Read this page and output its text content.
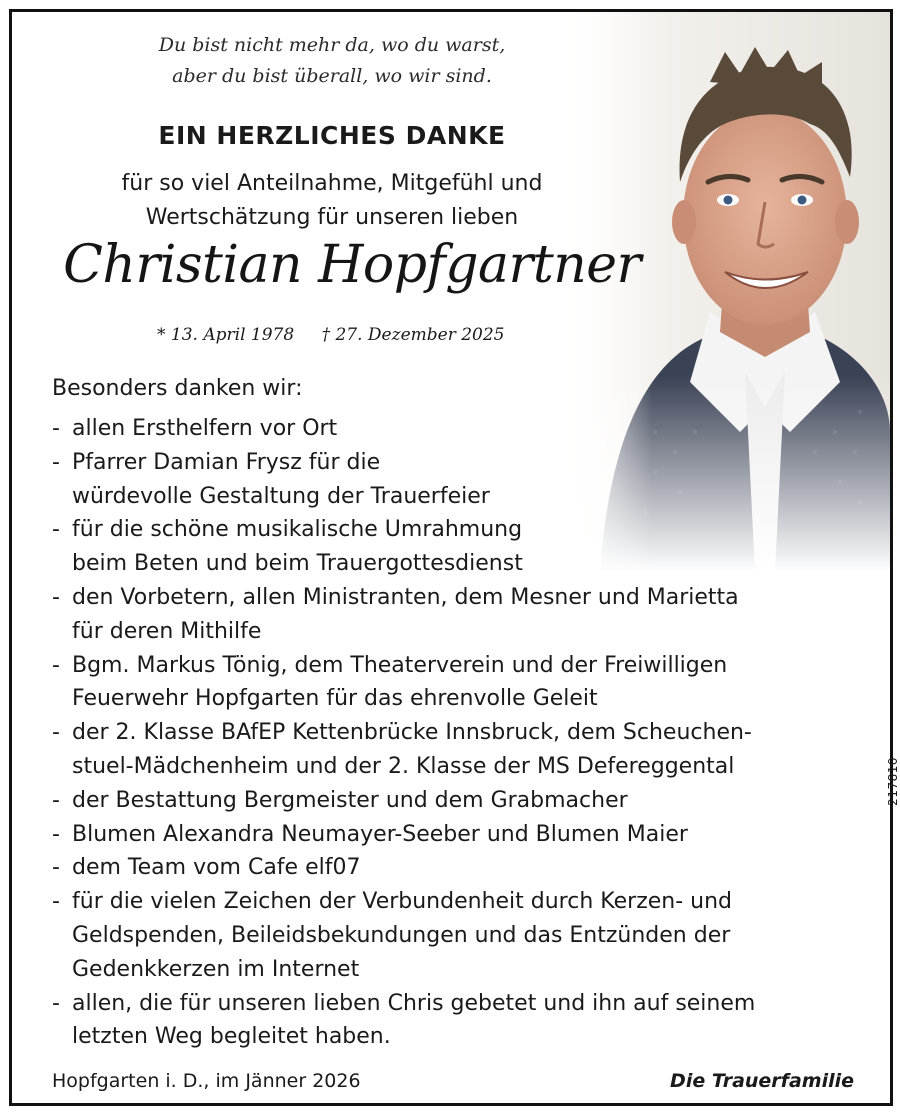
Du bist nicht mehr da, wo du warst,
aber du bist überall, wo wir sind.
EIN HERZLICHES DANKE
für so viel Anteilnahme, Mitgefühl und
Wertschätzung für unseren lieben
Christian Hopfgartner
* 13. April 1978 † 27. Dezember 2025
Besonders danken wir:
- allen Ersthelfern vor Ort
- Pfarrer Damian Frysz für die
würdevolle Gestaltung der Trauerfeier
- für die schöne musikalische Umrahmung
beim Beten und beim Trauergottesdienst
- den Vorbetern, allen Ministranten, dem Mesner und Marietta
für deren Mithilfe
- Bgm. Markus Tönig, dem Theaterverein und der Freiwilligen
Feuerwehr Hopfgarten für das ehrenvolle Geleit
- der 2. Klasse BAfEP Kettenbrücke Innsbruck, dem Scheuchen-
stuel-Mädchenheim und der 2. Klasse der MS Defereggental
- der Bestattung Bergmeister und dem Grabmacher
- Blumen Alexandra Neumayer-Seeber und Blumen Maier
- dem Team vom Cafe elf07
- für die vielen Zeichen der Verbundenheit durch Kerzen- und
Geldspenden, Beileidsbekundungen und das Entzünden der
Gedenkkerzen im Internet
- allen, die für unseren lieben Chris gebetet und ihn auf seinem
letzten Weg begleitet haben.
Hopfgarten i. D., im Jänner 2026	Die Trauerfamilie
217810
